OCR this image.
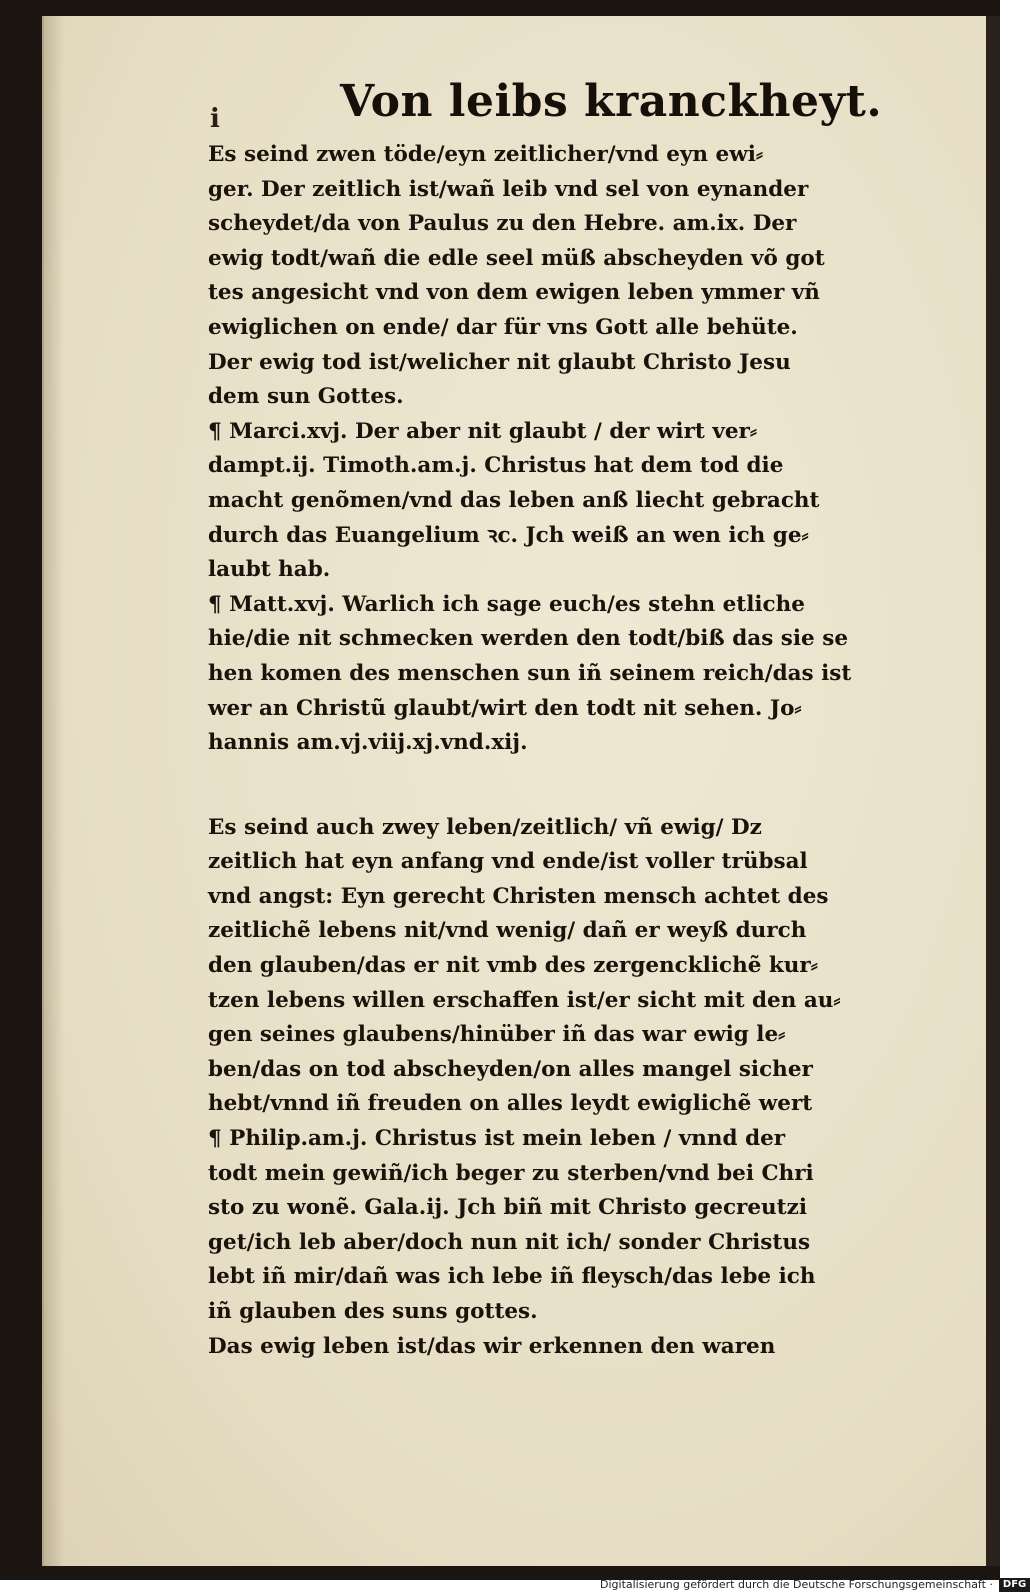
i	Von leibs kranckheyt.
Es seind zwen töde/eyn zeitlicher/vnd eyn ewi⸗
ger. Der zeitlich ist/wañ leib vnd sel von eynander
scheydet/da von Paulus zu den Hebre. am.ix. Der
ewig todt/wañ die edle seel müß abscheyden võ got
tes angesicht vnd von dem ewigen leben ymmer vñ
ewiglichen on ende/ dar für vns Gott alle behüte.
Der ewig tod ist/welicher nit glaubt Christo Jesu
dem sun Gottes.
¶ Marci.xvj. Der aber nit glaubt / der wirt ver⸗
dampt.ij. Timoth.am.j. Christus hat dem tod die
macht genõmen/vnd das leben anß liecht gebracht
durch das Euangelium ꝛc. Jch weiß an wen ich ge⸗
laubt hab.
¶ Matt.xvj. Warlich ich sage euch/es stehn etliche
hie/die nit schmecken werden den todt/biß das sie se
hen komen des menschen sun iñ seinem reich/das ist
wer an Christũ glaubt/wirt den todt nit sehen. Jo⸗
hannis am.vj.viij.xj.vnd.xij.
Es seind auch zwey leben/zeitlich/ vñ ewig/ Dz
zeitlich hat eyn anfang vnd ende/ist voller trübsal
vnd angst: Eyn gerecht Christen mensch achtet des
zeitlichẽ lebens nit/vnd wenig/ dañ er weyß durch
den glauben/das er nit vmb des zergencklichẽ kur⸗
tzen lebens willen erschaffen ist/er sicht mit den au⸗
gen seines glaubens/hinüber iñ das war ewig le⸗
ben/das on tod abscheyden/on alles mangel sicher
hebt/vnnd iñ freuden on alles leydt ewiglichẽ wert
¶ Philip.am.j. Christus ist mein leben / vnnd der
todt mein gewiñ/ich beger zu sterben/vnd bei Chri
sto zu wonẽ. Gala.ij. Jch biñ mit Christo gecreutzi
get/ich leb aber/doch nun nit ich/ sonder Christus
lebt iñ mir/dañ was ich lebe iñ fleysch/das lebe ich
iñ glauben des suns gottes.
Das ewig leben ist/das wir erkennen den waren
Digitalisierung gefördert durch die Deutsche Forschungsgemeinschaft · DFG
